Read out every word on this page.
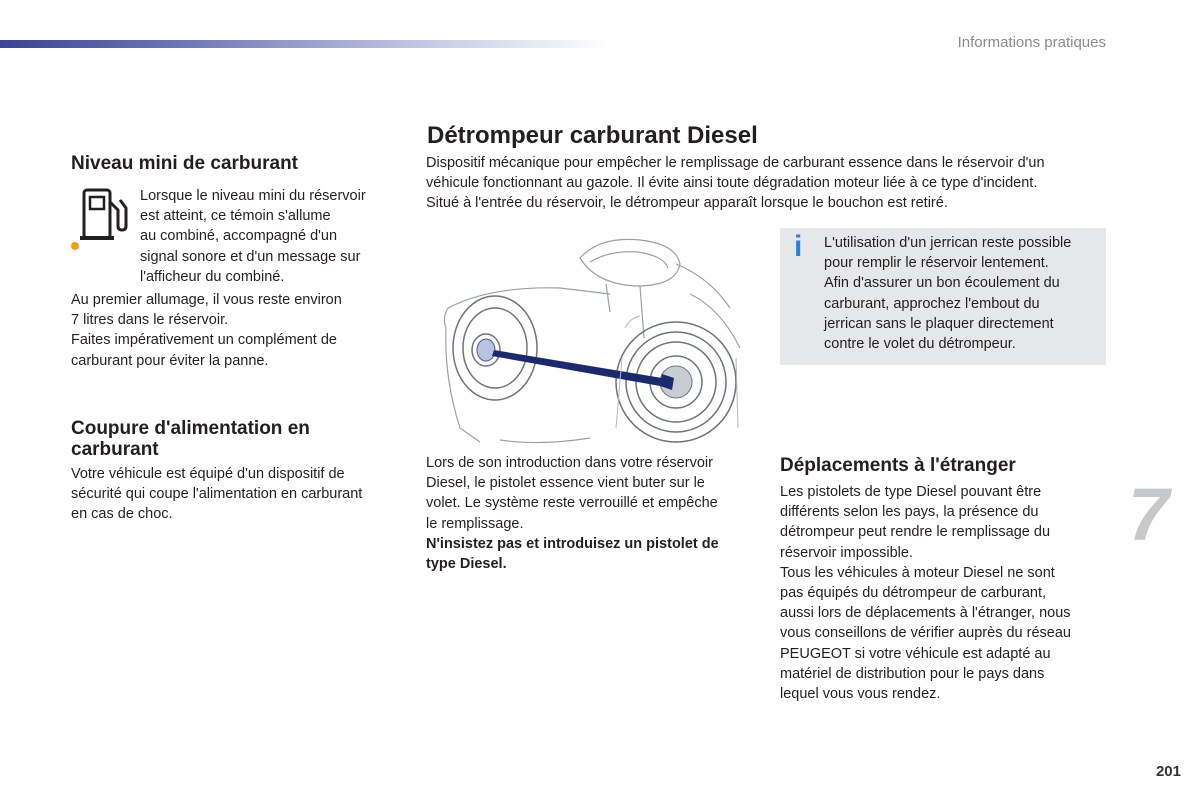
Informations pratiques
Niveau mini de carburant

Lorsque le niveau mini du réservoir

est atteint, ce témoin s'allume

au combiné, accompagné d'un

signal sonore et d'un message sur

l'afficheur du combiné.

Au premier allumage, il vous reste environ

7 litres dans le réservoir.

Faites impérativement un complément de

carburant pour éviter la panne.

Coupure d'alimentation en
carburant

Votre véhicule est équipé d'un dispositif de

sécurité qui coupe l'alimentation en carburant

en cas de choc.

Détrompeur carburant Diesel

Dispositif mécanique pour empêcher le remplissage de carburant essence dans le réservoir d'un

véhicule fonctionnant au gazole. Il évite ainsi toute dégradation moteur liée à ce type d'incident.

Situé à l'entrée du réservoir, le détrompeur apparaît lorsque le bouchon est retiré.

i L'utilisation d'un jerrican reste possible

pour remplir le réservoir lentement.

Afin d'assurer un bon écoulement du

carburant, approchez l'embout du

jerrican sans le plaquer directement

contre le volet du détrompeur.

Lors de son introduction dans votre réservoir

Diesel, le pistolet essence vient buter sur le

volet. Le système reste verrouillé et empêche

le remplissage.

N'insistez pas et introduisez un pistolet de

type Diesel.

Déplacements à l'étranger

Les pistolets de type Diesel pouvant être

différents selon les pays, la présence du

détrompeur peut rendre le remplissage du

réservoir impossible.

Tous les véhicules à moteur Diesel ne sont

pas équipés du détrompeur de carburant,

aussi lors de déplacements à l'étranger, nous

vous conseillons de vérifier auprès du réseau

PEUGEOT si votre véhicule est adapté au

matériel de distribution pour le pays dans

lequel vous vous rendez.

7
201
